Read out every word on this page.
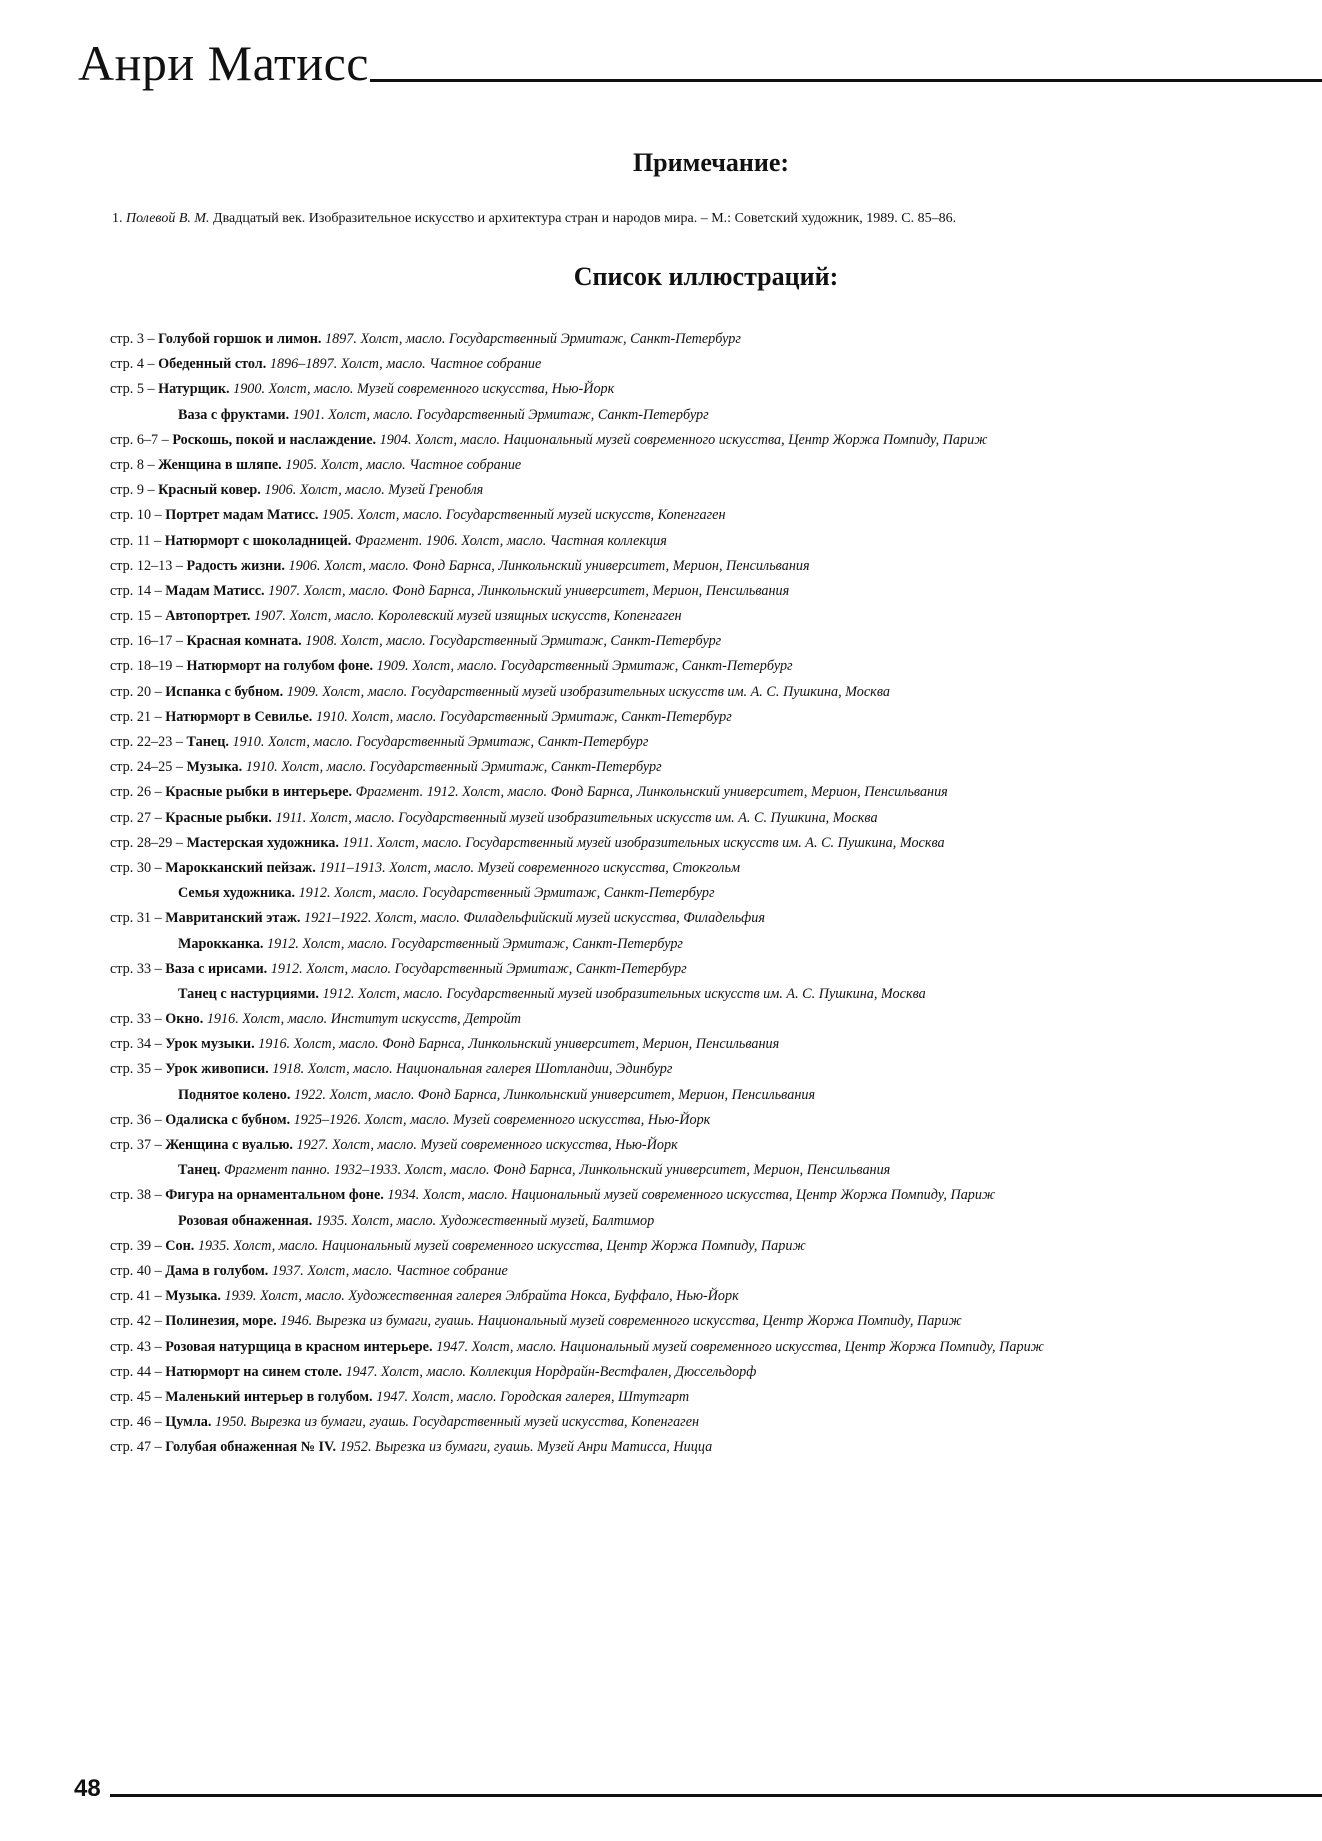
Анри Матисс
Примечание:
1. Полевой В. М. Двадцатый век. Изобразительное искусство и архитектура стран и народов мира. – М.: Советский художник, 1989. С. 85–86.
Список иллюстраций:
стр. 3 – Голубой горшок и лимон. 1897. Холст, масло. Государственный Эрмитаж, Санкт-Петербург
стр. 4 – Обеденный стол. 1896–1897. Холст, масло. Частное собрание
стр. 5 – Натурщик. 1900. Холст, масло. Музей современного искусства, Нью-Йорк
Ваза с фруктами. 1901. Холст, масло. Государственный Эрмитаж, Санкт-Петербург
стр. 6–7 – Роскошь, покой и наслаждение. 1904. Холст, масло. Национальный музей современного искусства, Центр Жоржа Помпиду, Париж
стр. 8 – Женщина в шляпе. 1905. Холст, масло. Частное собрание
стр. 9 – Красный ковер. 1906. Холст, масло. Музей Гренобля
стр. 10 – Портрет мадам Матисс. 1905. Холст, масло. Государственный музей искусств, Копенгаген
стр. 11 – Натюрморт с шоколадницей. Фрагмент. 1906. Холст, масло. Частная коллекция
стр. 12–13 – Радость жизни. 1906. Холст, масло. Фонд Барнса, Линкольнский университет, Мерион, Пенсильвания
стр. 14 – Мадам Матисс. 1907. Холст, масло. Фонд Барнса, Линкольнский университет, Мерион, Пенсильвания
стр. 15 – Автопортрет. 1907. Холст, масло. Королевский музей изящных искусств, Копенгаген
стр. 16–17 – Красная комната. 1908. Холст, масло. Государственный Эрмитаж, Санкт-Петербург
стр. 18–19 – Натюрморт на голубом фоне. 1909. Холст, масло. Государственный Эрмитаж, Санкт-Петербург
стр. 20 – Испанка с бубном. 1909. Холст, масло. Государственный музей изобразительных искусств им. А. С. Пушкина, Москва
стр. 21 – Натюрморт в Севилье. 1910. Холст, масло. Государственный Эрмитаж, Санкт-Петербург
стр. 22–23 – Танец. 1910. Холст, масло. Государственный Эрмитаж, Санкт-Петербург
стр. 24–25 – Музыка. 1910. Холст, масло. Государственный Эрмитаж, Санкт-Петербург
стр. 26 – Красные рыбки в интерьере. Фрагмент. 1912. Холст, масло. Фонд Барнса, Линкольнский университет, Мерион, Пенсильвания
стр. 27 – Красные рыбки. 1911. Холст, масло. Государственный музей изобразительных искусств им. А. С. Пушкина, Москва
стр. 28–29 – Мастерская художника. 1911. Холст, масло. Государственный музей изобразительных искусств им. А. С. Пушкина, Москва
стр. 30 – Марокканский пейзаж. 1911–1913. Холст, масло. Музей современного искусства, Стокгольм
Семья художника. 1912. Холст, масло. Государственный Эрмитаж, Санкт-Петербург
стр. 31 – Мавританский этаж. 1921–1922. Холст, масло. Филадельфийский музей искусства, Филадельфия
Марокканка. 1912. Холст, масло. Государственный Эрмитаж, Санкт-Петербург
стр. 33 – Ваза с ирисами. 1912. Холст, масло. Государственный Эрмитаж, Санкт-Петербург
Танец с настурциями. 1912. Холст, масло. Государственный музей изобразительных искусств им. А. С. Пушкина, Москва
стр. 33 – Окно. 1916. Холст, масло. Институт искусств, Детройт
стр. 34 – Урок музыки. 1916. Холст, масло. Фонд Барнса, Линкольнский университет, Мерион, Пенсильвания
стр. 35 – Урок живописи. 1918. Холст, масло. Национальная галерея Шотландии, Эдинбург
Поднятое колено. 1922. Холст, масло. Фонд Барнса, Линкольнский университет, Мерион, Пенсильвания
стр. 36 – Одалиска с бубном. 1925–1926. Холст, масло. Музей современного искусства, Нью-Йорк
стр. 37 – Женщина с вуалью. 1927. Холст, масло. Музей современного искусства, Нью-Йорк
Танец. Фрагмент панно. 1932–1933. Холст, масло. Фонд Барнса, Линкольнский университет, Мерион, Пенсильвания
стр. 38 – Фигура на орнаментальном фоне. 1934. Холст, масло. Национальный музей современного искусства, Центр Жоржа Помпиду, Париж
Розовая обнаженная. 1935. Холст, масло. Художественный музей, Балтимор
стр. 39 – Сон. 1935. Холст, масло. Национальный музей современного искусства, Центр Жоржа Помпиду, Париж
стр. 40 – Дама в голубом. 1937. Холст, масло. Частное собрание
стр. 41 – Музыка. 1939. Холст, масло. Художественная галерея Элбрайта Нокса, Буффало, Нью-Йорк
стр. 42 – Полинезия, море. 1946. Вырезка из бумаги, гуашь. Национальный музей современного искусства, Центр Жоржа Помпиду, Париж
стр. 43 – Розовая натурщица в красном интерьере. 1947. Холст, масло. Национальный музей современного искусства, Центр Жоржа Помпиду, Париж
стр. 44 – Натюрморт на синем столе. 1947. Холст, масло. Коллекция Нордрайн-Вестфален, Дюссельдорф
стр. 45 – Маленький интерьер в голубом. 1947. Холст, масло. Городская галерея, Штутгарт
стр. 46 – Цумла. 1950. Вырезка из бумаги, гуашь. Государственный музей искусства, Копенгаген
стр. 47 – Голубая обнаженная № IV. 1952. Вырезка из бумаги, гуашь. Музей Анри Матисса, Ницца
48
